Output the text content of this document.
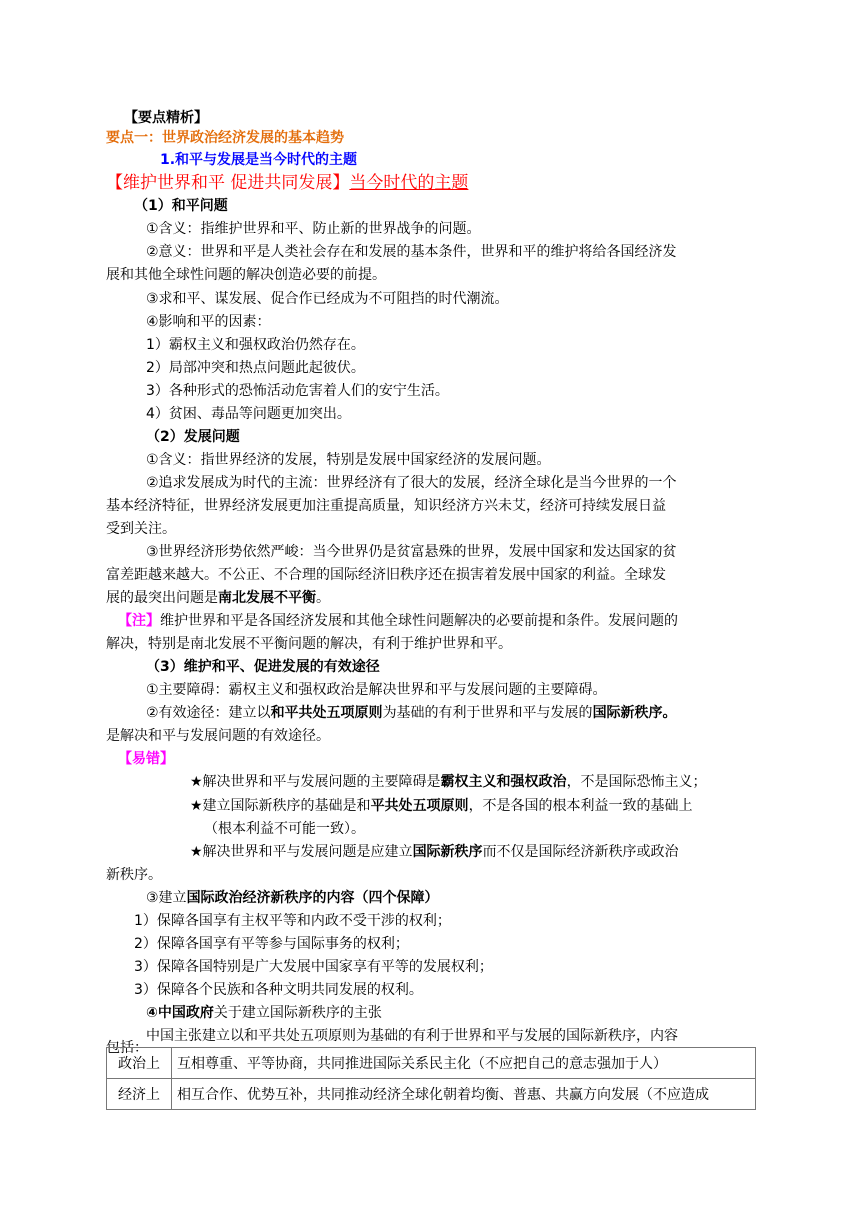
【要点精析】
要点一：世界政治经济发展的基本趋势
1.和平与发展是当今时代的主题
【维护世界和平 促进共同发展】当今时代的主题
（1）和平问题
①含义：指维护世界和平、防止新的世界战争的问题。
②意义：世界和平是人类社会存在和发展的基本条件，世界和平的维护将给各国经济发
展和其他全球性问题的解决创造必要的前提。
③求和平、谋发展、促合作已经成为不可阻挡的时代潮流。
④影响和平的因素：
1）霸权主义和强权政治仍然存在。
2）局部冲突和热点问题此起彼伏。
3）各种形式的恐怖活动危害着人们的安宁生活。
4）贫困、毒品等问题更加突出。
（2）发展问题
①含义：指世界经济的发展，特别是发展中国家经济的发展问题。
②追求发展成为时代的主流：世界经济有了很大的发展，经济全球化是当今世界的一个
基本经济特征，世界经济发展更加注重提高质量，知识经济方兴未艾，经济可持续发展日益
受到关注。
③世界经济形势依然严峻：当今世界仍是贫富悬殊的世界，发展中国家和发达国家的贫
富差距越来越大。不公正、不合理的国际经济旧秩序还在损害着发展中国家的利益。全球发
展的最突出问题是南北发展不平衡。
【注】维护世界和平是各国经济发展和其他全球性问题解决的必要前提和条件。发展问题的
解决，特别是南北发展不平衡问题的解决，有利于维护世界和平。
（3）维护和平、促进发展的有效途径
①主要障碍：霸权主义和强权政治是解决世界和平与发展问题的主要障碍。
②有效途径：建立以和平共处五项原则为基础的有利于世界和平与发展的国际新秩序。
是解决和平与发展问题的有效途径。
【易错】
★解决世界和平与发展问题的主要障碍是霸权主义和强权政治，不是国际恐怖主义；
★建立国际新秩序的基础是和平共处五项原则，不是各国的根本利益一致的基础上
（根本利益不可能一致）。
★解决世界和平与发展问题是应建立国际新秩序而不仅是国际经济新秩序或政治
新秩序。
③建立国际政治经济新秩序的内容（四个保障）
1）保障各国享有主权平等和内政不受干涉的权利；
2）保障各国享有平等参与国际事务的权利；
3）保障各国特别是广大发展中国家享有平等的发展权利；
3）保障各个民族和各种文明共同发展的权利。
④中国政府关于建立国际新秩序的主张
中国主张建立以和平共处五项原则为基础的有利于世界和平与发展的国际新秩序，内容
包括：
政治上	互相尊重、平等协商，共同推进国际关系民主化（不应把自己的意志强加于人）
经济上	相互合作、优势互补，共同推动经济全球化朝着均衡、普惠、共赢方向发展（不应造成
